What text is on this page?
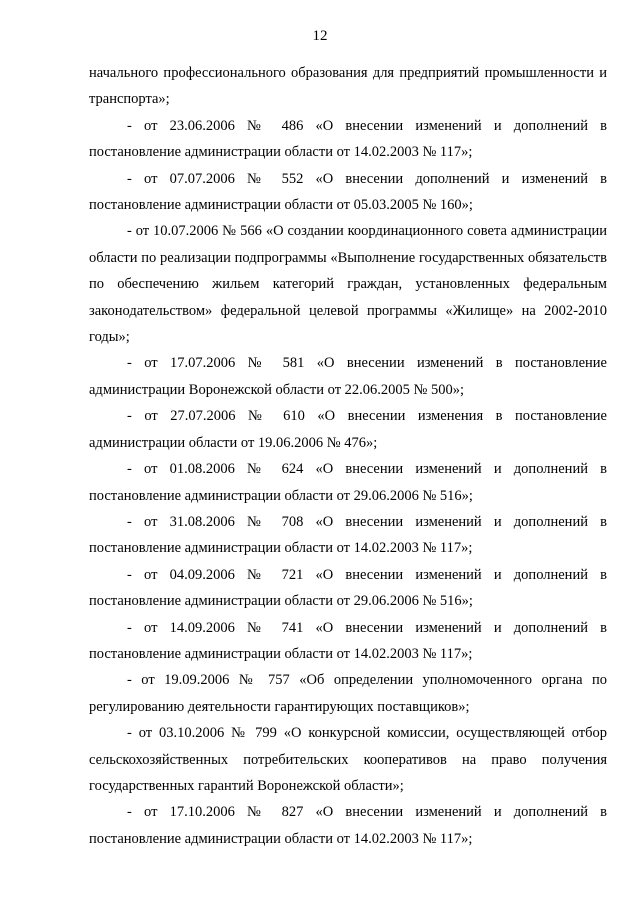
12

начального профессионального образования для предприятий промышленности и транспорта»;

- от 23.06.2006 № 486 «О внесении изменений и дополнений в постановление администрации области от 14.02.2003 № 117»;

- от 07.07.2006 № 552 «О внесении дополнений и изменений в постановление администрации области от 05.03.2005 № 160»;

- от 10.07.2006 № 566 «О создании координационного совета администрации области по реализации подпрограммы «Выполнение государственных обязательств по обеспечению жильем категорий граждан, установленных федеральным законодательством» федеральной целевой программы «Жилище» на 2002-2010 годы»;

- от 17.07.2006 № 581 «О внесении изменений в постановление администрации Воронежской области от 22.06.2005 № 500»;

- от 27.07.2006 № 610 «О внесении изменения в постановление администрации области от 19.06.2006 № 476»;

- от 01.08.2006 № 624 «О внесении изменений и дополнений в постановление администрации области от 29.06.2006 № 516»;

- от 31.08.2006 № 708 «О внесении изменений и дополнений в постановление администрации области от 14.02.2003 № 117»;

- от 04.09.2006 № 721 «О внесении изменений и дополнений в постановление администрации области от 29.06.2006 № 516»;

- от 14.09.2006 № 741 «О внесении изменений и дополнений в постановление администрации области от 14.02.2003 № 117»;

- от 19.09.2006 № 757 «Об определении уполномоченного органа по регулированию деятельности гарантирующих поставщиков»;

- от 03.10.2006 № 799 «О конкурсной комиссии, осуществляющей отбор сельскохозяйственных потребительских кооперативов на право получения государственных гарантий Воронежской области»;

- от 17.10.2006 № 827 «О внесении изменений и дополнений в постановление администрации области от 14.02.2003 № 117»;
